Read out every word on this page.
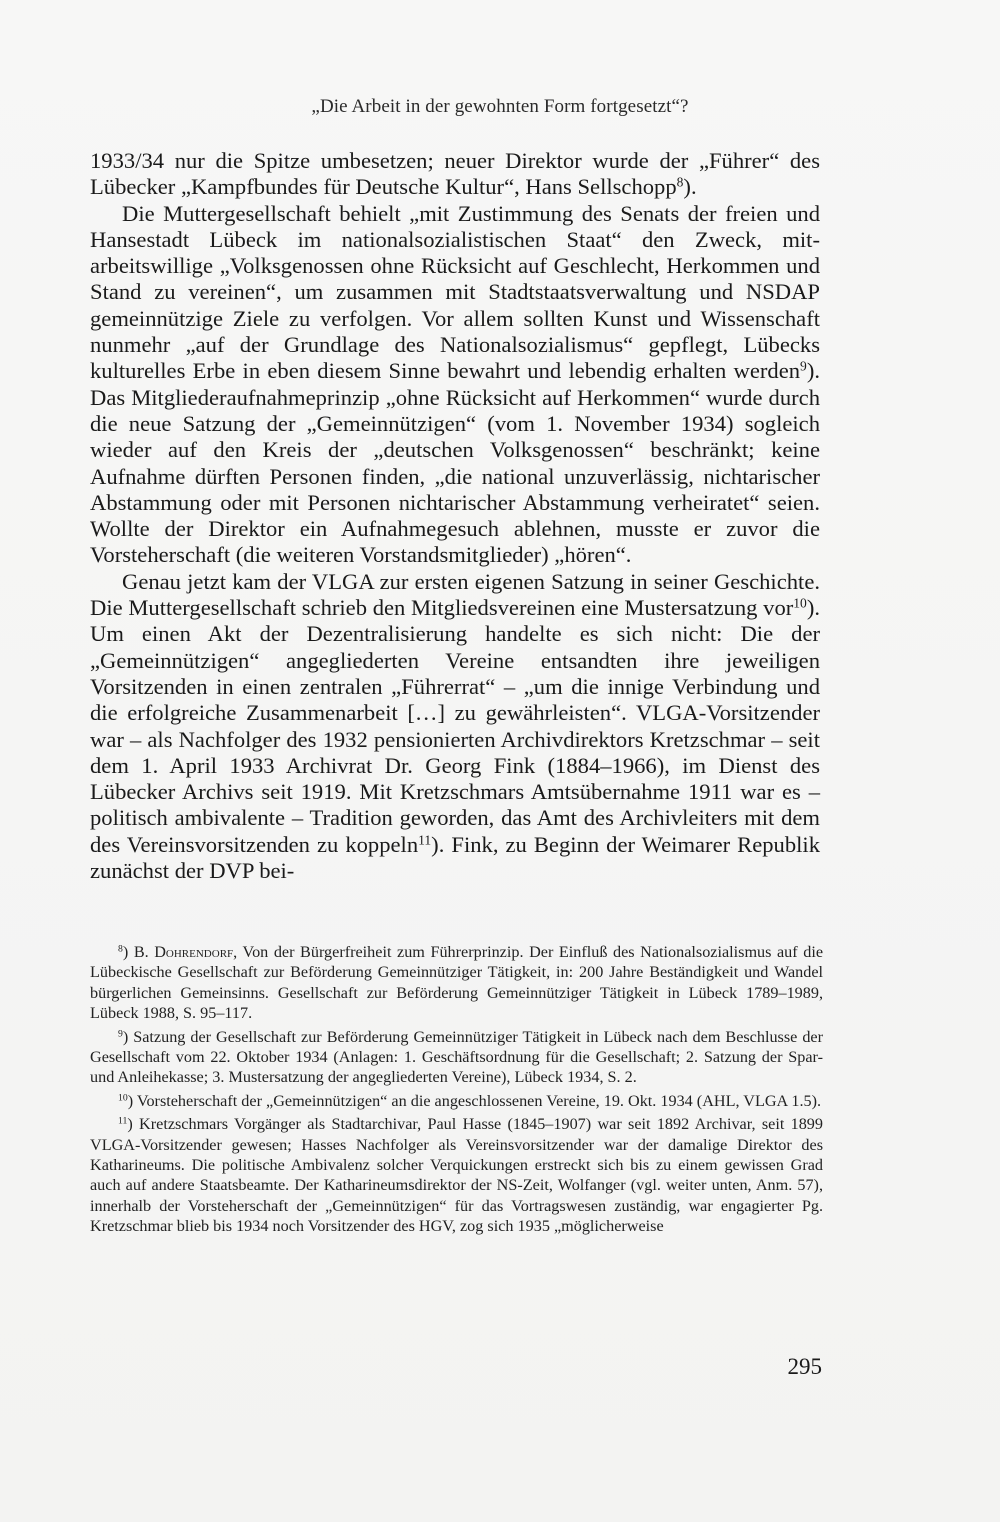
„Die Arbeit in der gewohnten Form fortgesetzt“?

1933/34 nur die Spitze umbesetzen; neuer Direktor wurde der „Führer“ des Lübecker „Kampfbundes für Deutsche Kultur“, Hans Sellschopp$^8$).

Die Muttergesellschaft behielt „mit Zustimmung des Senats der freien und Hansestadt Lübeck im nationalsozialistischen Staat“ den Zweck, mitarbeitswillige „Volksgenossen ohne Rücksicht auf Geschlecht, Herkommen und Stand zu vereinen“, um zusammen mit Stadtstaatsverwaltung und NSDAP gemeinnützige Ziele zu verfolgen. Vor allem sollten Kunst und Wissenschaft nunmehr „auf der Grundlage des Nationalsozialismus“ gepflegt, Lübecks kulturelles Erbe in eben diesem Sinne bewahrt und lebendig erhalten werden$^9$). Das Mitgliederaufnahmeprinzip „ohne Rücksicht auf Herkommen“ wurde durch die neue Satzung der „Gemeinnützigen“ (vom 1. November 1934) sogleich wieder auf den Kreis der „deutschen Volksgenossen“ beschränkt; keine Aufnahme dürften Personen finden, „die national unzuverlässig, nichtarischer Abstammung oder mit Personen nichtarischer Abstammung verheiratet“ seien. Wollte der Direktor ein Aufnahmegesuch ablehnen, musste er zuvor die Vorsteherschaft (die weiteren Vorstandsmitglieder) „hören“.

Genau jetzt kam der VLGA zur ersten eigenen Satzung in seiner Geschichte. Die Muttergesellschaft schrieb den Mitgliedsvereinen eine Mustersatzung vor$^{10}$). Um einen Akt der Dezentralisierung handelte es sich nicht: Die der „Gemeinnützigen“ angegliederten Vereine entsandten ihre jeweiligen Vorsitzenden in einen zentralen „Führerrat“ – „um die innige Verbindung und die erfolgreiche Zusammenarbeit […] zu gewährleisten“. VLGA-Vorsitzender war – als Nachfolger des 1932 pensionierten Archivdirektors Kretzschmar – seit dem 1. April 1933 Archivrat Dr. Georg Fink (1884–1966), im Dienst des Lübecker Archivs seit 1919. Mit Kretzschmars Amtsübernahme 1911 war es – politisch ambivalente – Tradition geworden, das Amt des Archivleiters mit dem des Vereinsvorsitzenden zu koppeln$^{11}$). Fink, zu Beginn der Weimarer Republik zunächst der DVP bei-

$^8$) B. Dohrendorf, Von der Bürgerfreiheit zum Führerprinzip. Der Einfluß des Nationalsozialismus auf die Lübeckische Gesellschaft zur Beförderung Gemeinnütziger Tätigkeit, in: 200 Jahre Beständigkeit und Wandel bürgerlichen Gemeinsinns. Gesellschaft zur Beförderung Gemeinnütziger Tätigkeit in Lübeck 1789–1989, Lübeck 1988, S. 95–117.

$^9$) Satzung der Gesellschaft zur Beförderung Gemeinnütziger Tätigkeit in Lübeck nach dem Beschlusse der Gesellschaft vom 22. Oktober 1934 (Anlagen: 1. Geschäftsordnung für die Gesellschaft; 2. Satzung der Spar- und Anleihekasse; 3. Mustersatzung der angegliederten Vereine), Lübeck 1934, S. 2.

$^{10}$) Vorsteherschaft der „Gemeinnützigen“ an die angeschlossenen Vereine, 19. Okt. 1934 (AHL, VLGA 1.5).

$^{11}$) Kretzschmars Vorgänger als Stadtarchivar, Paul Hasse (1845–1907) war seit 1892 Archivar, seit 1899 VLGA-Vorsitzender gewesen; Hasses Nachfolger als Vereinsvorsitzender war der damalige Direktor des Katharineums. Die politische Ambivalenz solcher Verquickungen erstreckt sich bis zu einem gewissen Grad auch auf andere Staatsbeamte. Der Katharineumsdirektor der NS-Zeit, Wolfanger (vgl. weiter unten, Anm. 57), innerhalb der Vorsteherschaft der „Gemeinnützigen“ für das Vortragswesen zuständig, war engagierter Pg. Kretzschmar blieb bis 1934 noch Vorsitzender des HGV, zog sich 1935 „möglicherweise

295
